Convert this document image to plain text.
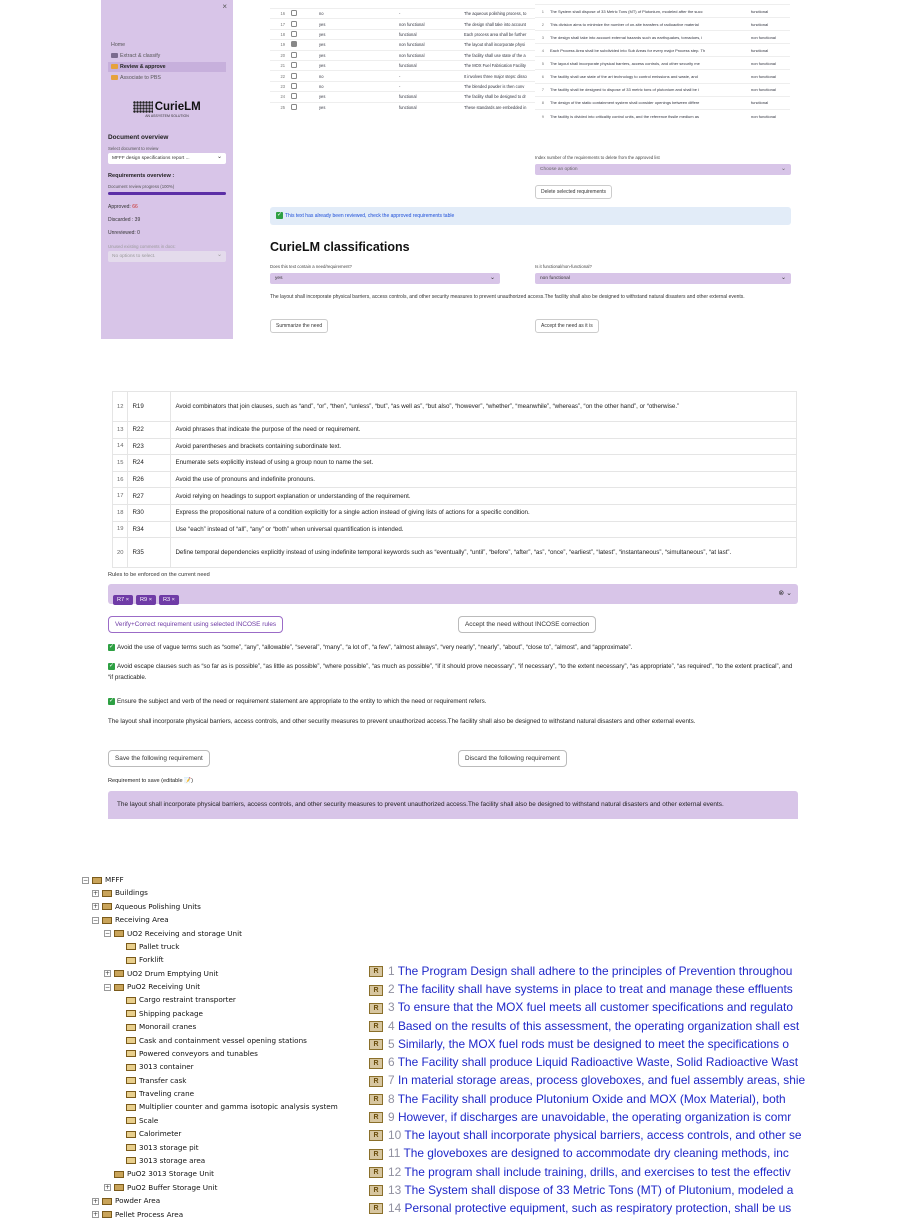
×
Home
Extract & classify
Review & approve
Associate to PBS
CurieLM
AN ASSYSTEM SOLUTION
Document overview
Select document to review
MFFF design specifications report ... ⌄
Requirements overview :
Document review progress (100%)
Approved: 66
Discarded : 39
Unreviewed: 0
Unused existing comments in docs:
No options to select. ⌄
16		no	-	The aqueous polishing process, to
17		yes	non functional	The design shall take into account
18		yes	functional	Each process area shall be further
19		yes	non functional	The layout shall incorporate physi
20		yes	non functional	The facility shall use state of the a
21		yes	functional	The MOX Fuel Fabrication Facility
22		no	-	It involves three major steps: disso
23		no	-	The blended powder is then conv
24		yes	functional	The facility shall be designed to dr
25		yes	functional	These standards are embedded in
1	The System shall dispose of 33 Metric Tons (MT) of Plutonium, modeled after the succ	functional
2	This division aims to minimize the number of on-site transfers of radioactive material	functional
3	The design shall take into account external hazards such as earthquakes, tornadoes, i	non functional
4	Each Process Area shall be subdivided into Sub Areas for every major Process step. Th	functional
5	The layout shall incorporate physical barriers, access controls, and other security me	non functional
6	The facility shall use state of the art technology to control emissions and waste, and	non functional
7	The facility shall be designed to dispose of 33 metric tons of plutonium and shall be i	non functional
8	The design of the static containment system shall consider openings between differe	functional
9	The facility is divided into criticality control units, and the reference fissile medium as	non functional
Index number of the requirements to delete from the approved list
Choose an option ⌄
Delete selected requirements
✓ This text has already been reviewed, check the approved requirements table
CurieLM classifications
Does this text contain a need/requirement?
yes ⌄
Is it functional/non-functional?
non functional ⌄
The layout shall incorporate physical barriers, access controls, and other security measures to prevent unauthorized access.The facility shall also be designed to withstand natural disasters and other external events.
Summarize the need	Accept the need as it is
12	R19	Avoid combinators that join clauses, such as “and”, “or”, “then”, “unless”, “but”, “as well as”, “but also”, “however”, “whether”, “meanwhile”, “whereas”, “on the other hand”, or “otherwise.”
13	R22	Avoid phrases that indicate the purpose of the need or requirement.
14	R23	Avoid parentheses and brackets containing subordinate text.
15	R24	Enumerate sets explicitly instead of using a group noun to name the set.
16	R26	Avoid the use of pronouns and indefinite pronouns.
17	R27	Avoid relying on headings to support explanation or understanding of the requirement.
18	R30	Express the propositional nature of a condition explicitly for a single action instead of giving lists of actions for a specific condition.
19	R34	Use “each” instead of “all”, “any” or “both” when universal quantification is intended.
20	R35	Define temporal dependencies explicitly instead of using indefinite temporal keywords such as “eventually”, “until”, “before”, “after”, “as”, “once”, “earliest”, “latest”, “instantaneous”, “simultaneous”, “at last”.
Rules to be enforced on the current need
R7 × R9 × R3 ×
⊗ ⌄
Verify+Correct requirement using selected INCOSE rules	Accept the need without INCOSE correction
✓ Avoid the use of vague terms such as “some”, “any”, “allowable”, “several”, “many”, “a lot of”, “a few”, “almost always”, “very nearly”, “nearly”, “about”, “close to”, “almost”, and “approximate”.
✓ Avoid escape clauses such as “so far as is possible”, “as little as possible”, “where possible”, “as much as possible”, “if it should prove necessary”, “if necessary”, “to the extent necessary”, “as appropriate”, “as required”, “to the extent practical”, and “if practicable.
✓ Ensure the subject and verb of the need or requirement statement are appropriate to the entity to which the need or requirement refers.
The layout shall incorporate physical barriers, access controls, and other security measures to prevent unauthorized access.The facility shall also be designed to withstand natural disasters and other external events.
Save the following requirement	Discard the following requirement
Requirement to save (editable 📝)
The layout shall incorporate physical barriers, access controls, and other security measures to prevent unauthorized access.The facility shall also be designed to withstand natural disasters and other external events.
− MFFF
+ Buildings
+ Aqueous Polishing Units
− Receiving Area
− UO2 Receiving and storage Unit
Pallet truck
Forklift
+ UO2 Drum Emptying Unit
− PuO2 Receiving Unit
Cargo restraint transporter
Shipping package
Monorail cranes
Cask and containment vessel opening stations
Powered conveyors and tunables
3013 container
Transfer cask
Traveling crane
Multiplier counter and gamma isotopic analysis system
Scale
Calorimeter
3013 storage pit
3013 storage area
PuO2 3013 Storage Unit
+ PuO2 Buffer Storage Unit
+ Powder Area
+ Pellet Process Area
R 1 The Program Design shall adhere to the principles of Prevention throughou
R 2 The facility shall have systems in place to treat and manage these effluents
R 3 To ensure that the MOX fuel meets all customer specifications and regulato
R 4 Based on the results of this assessment, the operating organization shall est
R 5 Similarly, the MOX fuel rods must be designed to meet the specifications o
R 6 The Facility shall produce Liquid Radioactive Waste, Solid Radioactive Wast
R 7 In material storage areas, process gloveboxes, and fuel assembly areas, shie
R 8 The Facility shall produce Plutonium Oxide and MOX (Mox Material), both
R 9 However, if discharges are unavoidable, the operating organization is comr
R 10 The layout shall incorporate physical barriers, access controls, and other se
R 11 The gloveboxes are designed to accommodate dry cleaning methods, inc
R 12 The program shall include training, drills, and exercises to test the effectiv
R 13 The System shall dispose of 33 Metric Tons (MT) of Plutonium, modeled a
R 14 Personal protective equipment, such as respiratory protection, shall be us
